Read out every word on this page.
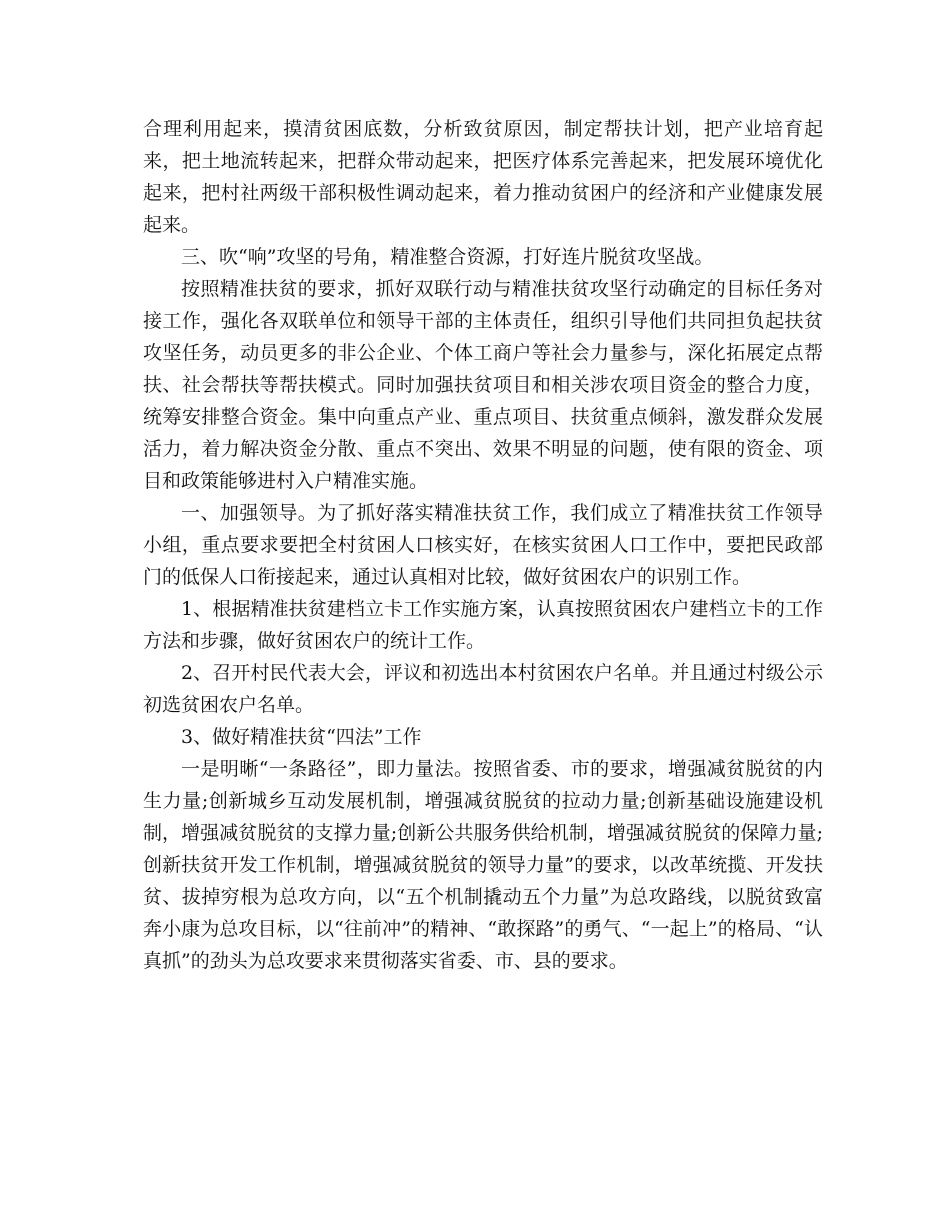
合理利用起来，摸清贫困底数，分析致贫原因，制定帮扶计划，把产业培育起来，把土地流转起来，把群众带动起来，把医疗体系完善起来，把发展环境优化起来，把村社两级干部积极性调动起来，着力推动贫困户的经济和产业健康发展起来。

三、吹“响”攻坚的号角，精准整合资源，打好连片脱贫攻坚战。

按照精准扶贫的要求，抓好双联行动与精准扶贫攻坚行动确定的目标任务对接工作，强化各双联单位和领导干部的主体责任，组织引导他们共同担负起扶贫攻坚任务，动员更多的非公企业、个体工商户等社会力量参与，深化拓展定点帮扶、社会帮扶等帮扶模式。同时加强扶贫项目和相关涉农项目资金的整合力度，统筹安排整合资金。集中向重点产业、重点项目、扶贫重点倾斜，激发群众发展活力，着力解决资金分散、重点不突出、效果不明显的问题，使有限的资金、项目和政策能够进村入户精准实施。

一、加强领导。为了抓好落实精准扶贫工作，我们成立了精准扶贫工作领导小组，重点要求要把全村贫困人口核实好，在核实贫困人口工作中，要把民政部门的低保人口衔接起来，通过认真相对比较，做好贫困农户的识别工作。

1、根据精准扶贫建档立卡工作实施方案，认真按照贫困农户建档立卡的工作方法和步骤，做好贫困农户的统计工作。

2、召开村民代表大会，评议和初选出本村贫困农户名单。并且通过村级公示初选贫困农户名单。

3、做好精准扶贫“四法”工作

一是明晰“一条路径”，即力量法。按照省委、市的要求，增强减贫脱贫的内生力量;创新城乡互动发展机制，增强减贫脱贫的拉动力量;创新基础设施建设机制，增强减贫脱贫的支撑力量;创新公共服务供给机制，增强减贫脱贫的保障力量;创新扶贫开发工作机制，增强减贫脱贫的领导力量”的要求，以改革统揽、开发扶贫、拔掉穷根为总攻方向，以“五个机制撬动五个力量”为总攻路线，以脱贫致富奔小康为总攻目标，以“往前冲”的精神、“敢探路”的勇气、“一起上”的格局、“认真抓”的劲头为总攻要求来贯彻落实省委、市、县的要求。
